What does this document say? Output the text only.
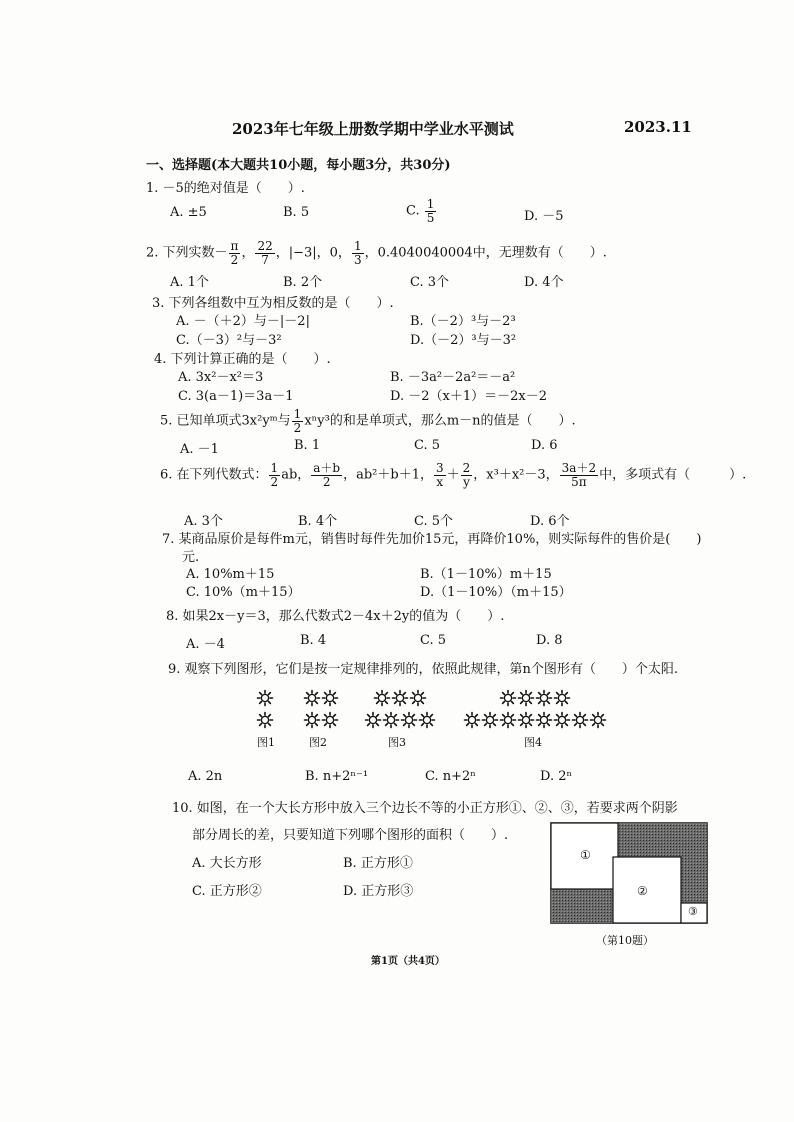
2023年七年级上册数学期中学业水平测试	2023.11
一、选择题(本大题共10小题，每小题3分，共30分)
1. －5的绝对值是（　　）.
A. ±5	B. 5	C. $\frac{1}{5}$	D. －5
2. 下列实数－ $\frac{\pi}{2}$ ， $\frac{22}{7}$ ，|−3|，0， $\frac{1}{3}$ ，0.4040040004中，无理数有（　　）.
A. 1个	B. 2个	C. 3个	D. 4个
3. 下列各组数中互为相反数的是（　　）.
A. －（＋2）与－|－2|	B.（－2）³与－2³
C.（－3）²与－3²	D.（－2）³与－3²
4. 下列计算正确的是（　　）.
A. 3x²－x²＝3	B. －3a²－2a²＝－a²
C. 3(a－1)＝3a－1	D. －2（x＋1）＝－2x－2
5. 已知单项式3x²yᵐ与 $\frac{1}{2} x^ny^3$的和是单项式，那么m－n的值是（　　）.
A. －1	B. 1	C. 5	D. 6
6. 在下列代数式： $\frac{1}{2}$ ab， $\frac{a+b}{2}$ ，ab²＋b＋1， $\frac{3}{x} + \frac{2}{y}$ ，x³＋x²－3， $\frac{3a+2}{5\pi}$ 中，多项式有（　　　）.
A. 3个	B. 4个	C. 5个	D. 6个
7. 某商品原价是每件m元，销售时每件先加价15元，再降价10%，则实际每件的售价是(　　)
元.
A. 10%m＋15	B.（1－10%）m＋15
C. 10%（m＋15）	D.（1－10%）（m＋15）
8. 如果2x－y＝3，那么代数式2－4x＋2y的值为（　　）.
A. －4	B. 4	C. 5	D. 8
9. 观察下列图形，它们是按一定规律排列的，依照此规律，第n个图形有（　　）个太阳.
图1	图2	图3	图4
A. 2n	B. n+2ⁿ⁻¹	C. n+2ⁿ	D. 2ⁿ
10. 如图，在一个大长方形中放入三个边长不等的小正方形①、②、③，若要求两个阴影
部分周长的差，只要知道下列哪个图形的面积（　　）.
A. 大长方形	B. 正方形①
C. 正方形②	D. 正方形③
①
②
③
（第10题）
第1页（共4页）
